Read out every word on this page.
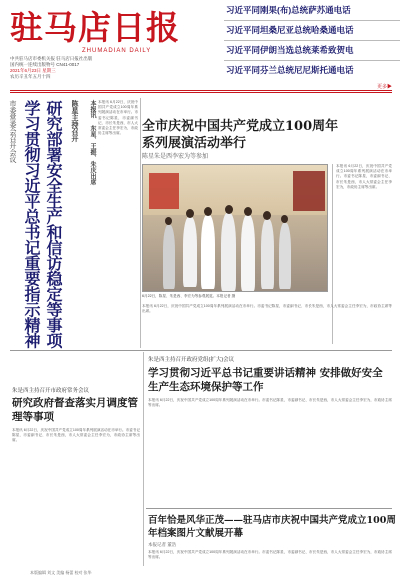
驻马店日报
ZHUMADIAN DAILY
中共驻马店市委机关报 驻马店日报社出版
国内统一连续出版物号 CN41-0017
2021年6月23日 星期三
农历辛丑年五月十四
习近平同刚果(布)总统萨苏通电话
习近平同坦桑尼亚总统哈桑通电话
习近平同伊朗当选总统莱希致贺电
习近平同芬兰总统尼尼斯托通电话
更多▶
市委常委会召开会议 学习贯彻习近平总书记重要指示精神 研究部署安全生产和信访稳定等事项 陈星主持召开 本报讯 东星、王振、朱庆出席 本报讯 6月22日，庆祝中国共产党成立100周年系列展演活动在市举行。市委书记陈星，市委副书记、市长朱是西，市人大常委会主任李宏为，市政协主席等出席。	全市庆祝中国共产党成立100周年系列展演活动举行
陈星朱是西李宏为等参加
6月22日，陈星、朱是西、李宏为等参观展览。本报记者 摄
本报讯 6月22日，庆祝中国共产党成立100周年系列展演活动在市举行。市委书记陈星，市委副书记、市长朱是西，市人大常委会主任李宏为，市政协主席等出席。
本报讯 6月22日，庆祝中国共产党成立100周年系列展演活动在市举行。市委书记陈星，市委副书记、市长朱是西，市人大常委会主任李宏为，市政协主席等出席。
朱是西主持召开政府党组(扩大)会议
学习贯彻习近平总书记重要讲话精神 安排做好安全生产生态环境保护等工作
本报讯 6月22日，庆祝中国共产党成立100周年系列展演活动在市举行。市委书记陈星，市委副书记、市长朱是西，市人大常委会主任李宏为，市政协主席等出席。
朱是西主持召开市政府常务会议
研究政府督查落实月调度管理等事项
本报讯 6月22日，庆祝中国共产党成立100周年系列展演活动在市举行。市委书记陈星，市委副书记、市长朱是西，市人大常委会主任李宏为，市政协主席等出席。
百年恰是风华正茂——驻马店市庆祝中国共产党成立100周年档案图片文献展开幕
本报记者 董浩
本报讯 6月22日，庆祝中国共产党成立100周年系列展演活动在市举行。市委书记陈星，市委副书记、市长朱是西，市人大常委会主任李宏为，市政协主席等出席。
本版编辑 刘文 美编 杨蕾 校对 张华
